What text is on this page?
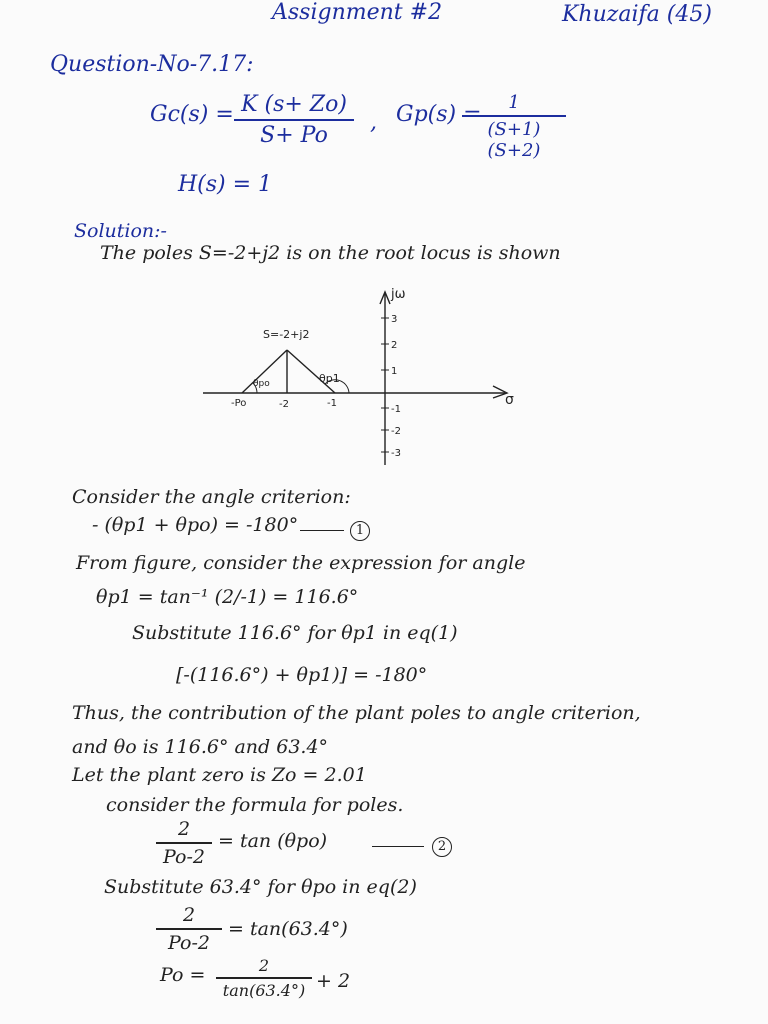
Assignment #2	Khuzaifa (45)
Question-No-7.17:
$Gc(s) = \frac{K (s+ Zo)}{S+ Po}$ , Gp(s) =
$\frac{1}{(S+1) (S+2)}$
H(s) = 1
Solution:-
The poles S=-2+j2 is on the root locus is shown
σ
jω
3
2
1
-1
-2
-3
S=-2+j2
θpo	θp1
-Po	-2	-1
Consider the angle criterion:
- (θp1 + θpo) = -180°	1
From figure, consider the expression for angle
θp1 = tan⁻¹ (2/-1) = 116.6°
Substitute 116.6° for θp1 in eq(1)
[-(116.6°) + θp1)] = -180°
Thus, the contribution of the plant poles to angle criterion,
and θo is 116.6° and 63.4°
Let the plant zero is Zo = 2.01
consider the formula for poles.
$\frac{2}{Po-2} = \tan (\theta po)$	2
Substitute 63.4° for θpo in eq(2)
$\frac{2}{Po-2} = \tan(63.4^\circ)$
$Po = \frac{2}{\tan(63.4^\circ)} + 2$
